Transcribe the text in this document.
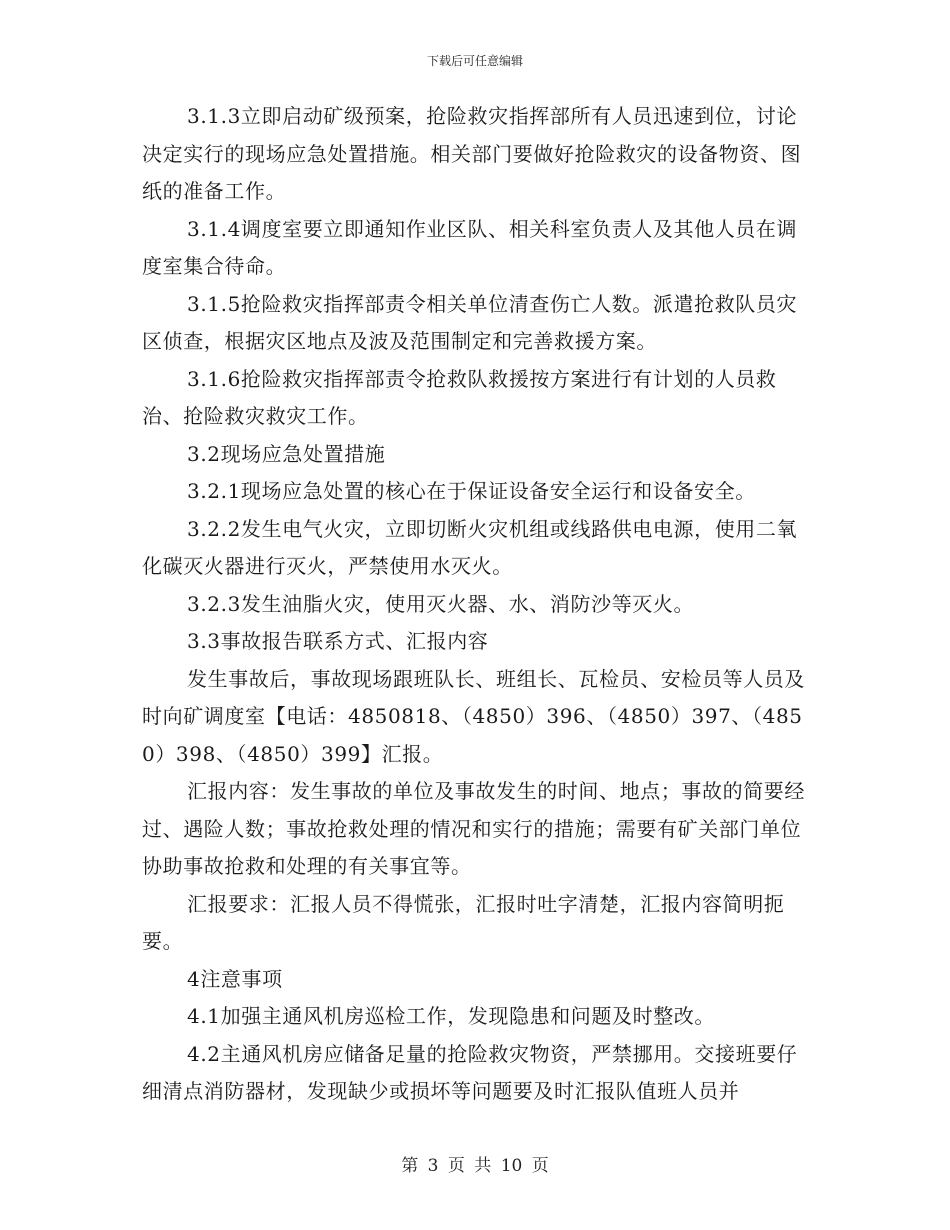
下载后可任意编辑

3.1.3立即启动矿级预案，抢险救灾指挥部所有人员迅速到位，讨论决定实行的现场应急处置措施。相关部门要做好抢险救灾的设备物资、图纸的准备工作。

3.1.4调度室要立即通知作业区队、相关科室负责人及其他人员在调度室集合待命。

3.1.5抢险救灾指挥部责令相关单位清查伤亡人数。派遣抢救队员灾区侦查，根据灾区地点及波及范围制定和完善救援方案。

3.1.6抢险救灾指挥部责令抢救队救援按方案进行有计划的人员救治、抢险救灾救灾工作。

3.2现场应急处置措施

3.2.1现场应急处置的核心在于保证设备安全运行和设备安全。

3.2.2发生电气火灾，立即切断火灾机组或线路供电电源，使用二氧化碳灭火器进行灭火，严禁使用水灭火。

3.2.3发生油脂火灾，使用灭火器、水、消防沙等灭火。

3.3事故报告联系方式、汇报内容

发生事故后，事故现场跟班队长、班组长、瓦检员、安检员等人员及时向矿调度室【电话：4850818、（4850）396、（4850）397、（4850）398、（4850）399】汇报。

汇报内容：发生事故的单位及事故发生的时间、地点；事故的简要经过、遇险人数；事故抢救处理的情况和实行的措施；需要有矿关部门单位协助事故抢救和处理的有关事宜等。

汇报要求：汇报人员不得慌张，汇报时吐字清楚，汇报内容简明扼要。

4注意事项

4.1加强主通风机房巡检工作，发现隐患和问题及时整改。

4.2主通风机房应储备足量的抢险救灾物资，严禁挪用。交接班要仔细清点消防器材，发现缺少或损坏等问题要及时汇报队值班人员并

第 3 页 共 10 页
